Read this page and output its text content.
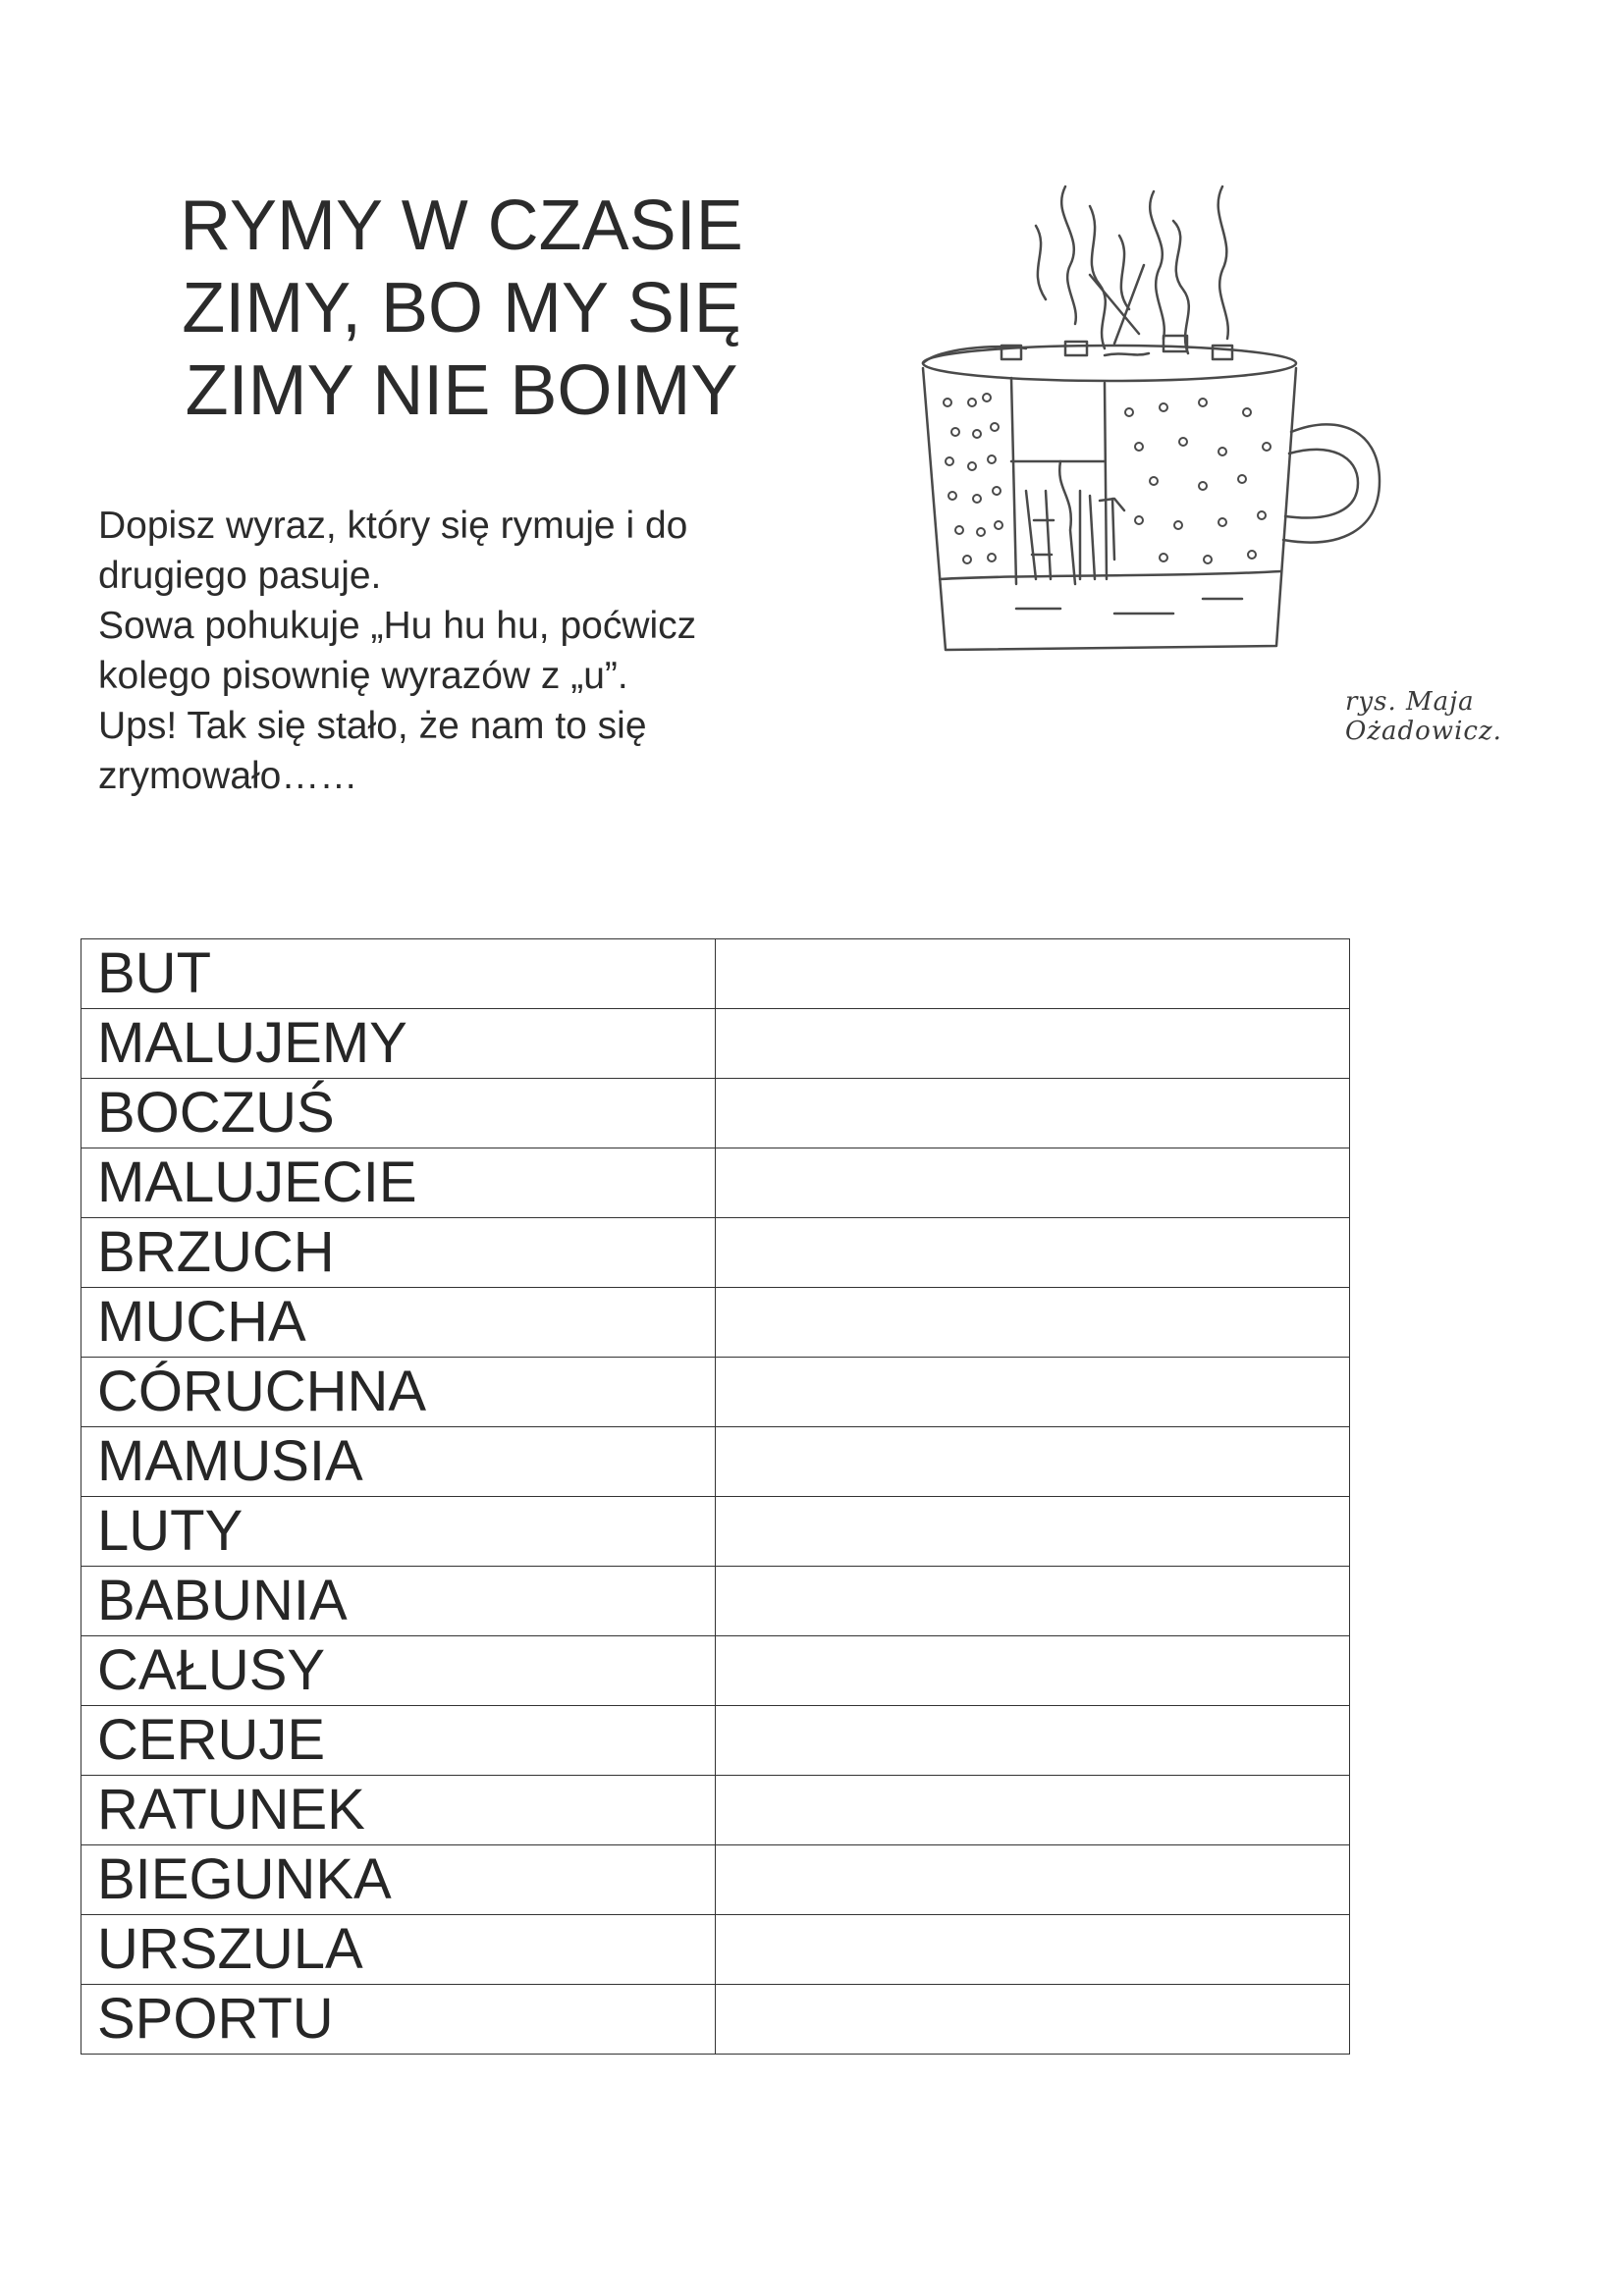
RYMY W CZASIE
ZIMY, BO MY SIĘ
ZIMY NIE BOIMY
Dopisz wyraz, który się rymuje i do
drugiego pasuje.
Sowa pohukuje „Hu hu hu, poćwicz
kolego pisownię wyrazów z „u”.
Ups! Tak się stało, że nam to się
zrymowało……
rys. Maja Ożadowicz.
BUT	
MALUJEMY	
BOCZUŚ	
MALUJECIE	
BRZUCH	
MUCHA	
CÓRUCHNA	
MAMUSIA	
LUTY	
BABUNIA	
CAŁUSY	
CERUJE	
RATUNEK	
BIEGUNKA	
URSZULA	
SPORTU	
